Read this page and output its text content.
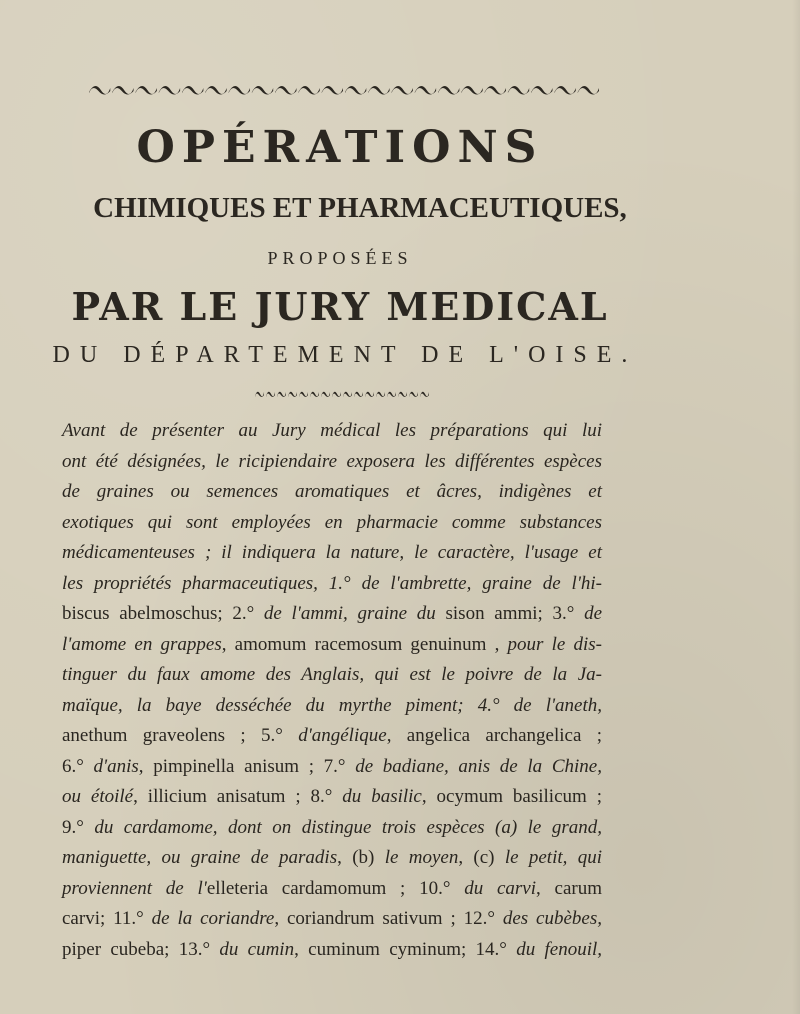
OPÉRATIONS
CHIMIQUES ET PHARMACEUTIQUES,
PROPOSÉES
PAR LE JURY MEDICAL
DU DÉPARTEMENT DE L'OISE.
Avant de présenter au Jury médical les préparations qui lui
ont été désignées, le ricipiendaire exposera les différentes espèces
de graines ou semences aromatiques et âcres, indigènes et
exotiques qui sont employées en pharmacie comme substances
médicamenteuses ; il indiquera la nature, le caractère, l'usage et
les propriétés pharmaceutiques, 1.° de l'ambrette, graine de l'hi-
biscus abelmoschus; 2.° de l'ammi, graine du sison ammi; 3.° de
l'amome en grappes, amomum racemosum genuinum , pour le dis-
tinguer du faux amome des Anglais, qui est le poivre de la Ja-
maïque, la baye desséchée du myrthe piment; 4.° de l'aneth,
anethum graveolens ; 5.° d'angélique, angelica archangelica ;
6.° d'anis, pimpinella anisum ; 7.° de badiane, anis de la Chine,
ou étoilé, illicium anisatum ; 8.° du basilic, ocymum basilicum ;
9.° du cardamome, dont on distingue trois espèces (a) le grand,
maniguette, ou graine de paradis, (b) le moyen, (c) le petit, qui
proviennent de l'elleteria cardamomum ; 10.° du carvi, carum
carvi; 11.° de la coriandre, coriandrum sativum ; 12.° des cubèbes,
piper cubeba; 13.° du cumin, cuminum cyminum; 14.° du fenouil,
